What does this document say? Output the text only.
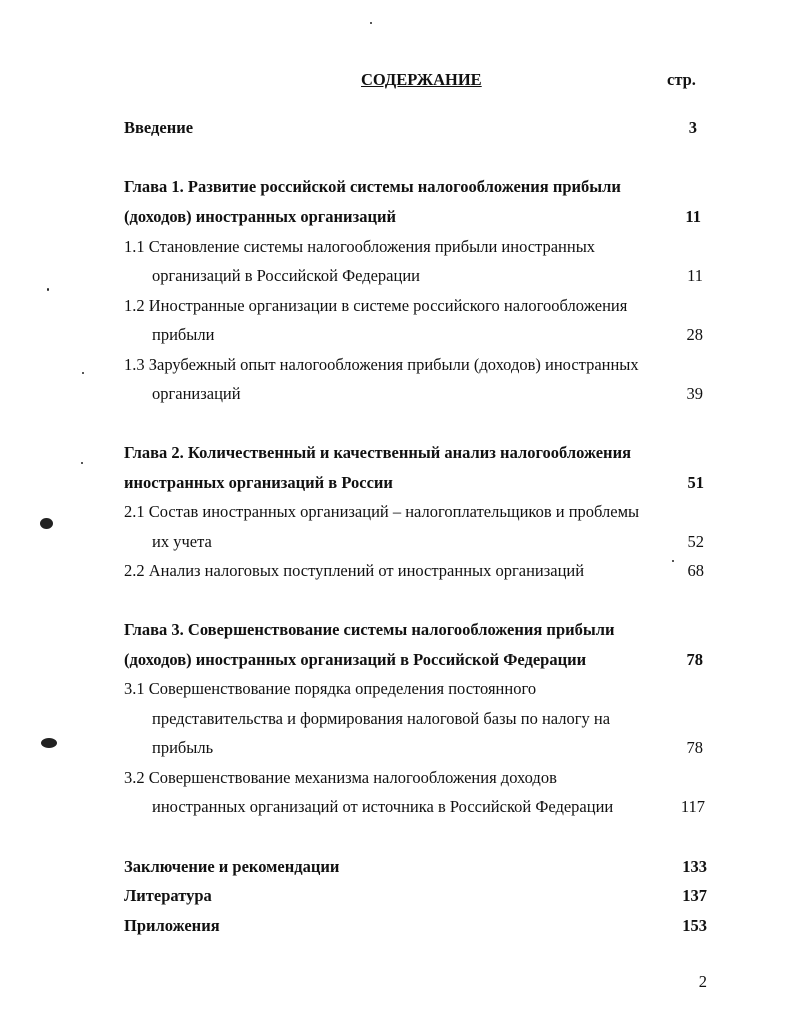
СОДЕРЖАНИЕ	стр.
Введение	3
Глава 1. Развитие российской системы налогообложения прибыли
(доходов) иностранных организаций	11
1.1 Становление системы налогообложения прибыли иностранных
организаций в Российской Федерации	11
1.2 Иностранные организации в системе российского налогообложения
прибыли	28
1.3 Зарубежный опыт налогообложения прибыли (доходов) иностранных
организаций	39
Глава 2. Количественный и качественный анализ налогообложения
иностранных организаций в России	51
2.1 Состав иностранных организаций – налогоплательщиков и проблемы
их учета	52
2.2 Анализ налоговых поступлений от иностранных организаций	68
Глава 3. Совершенствование системы налогообложения прибыли
(доходов) иностранных организаций в Российской Федерации	78
3.1 Совершенствование порядка определения постоянного
представительства и формирования налоговой базы по налогу на
прибыль	78
3.2 Совершенствование механизма налогообложения доходов
иностранных организаций от источника в Российской Федерации	117
Заключение и рекомендации	133
Литература	137
Приложения	153
2
